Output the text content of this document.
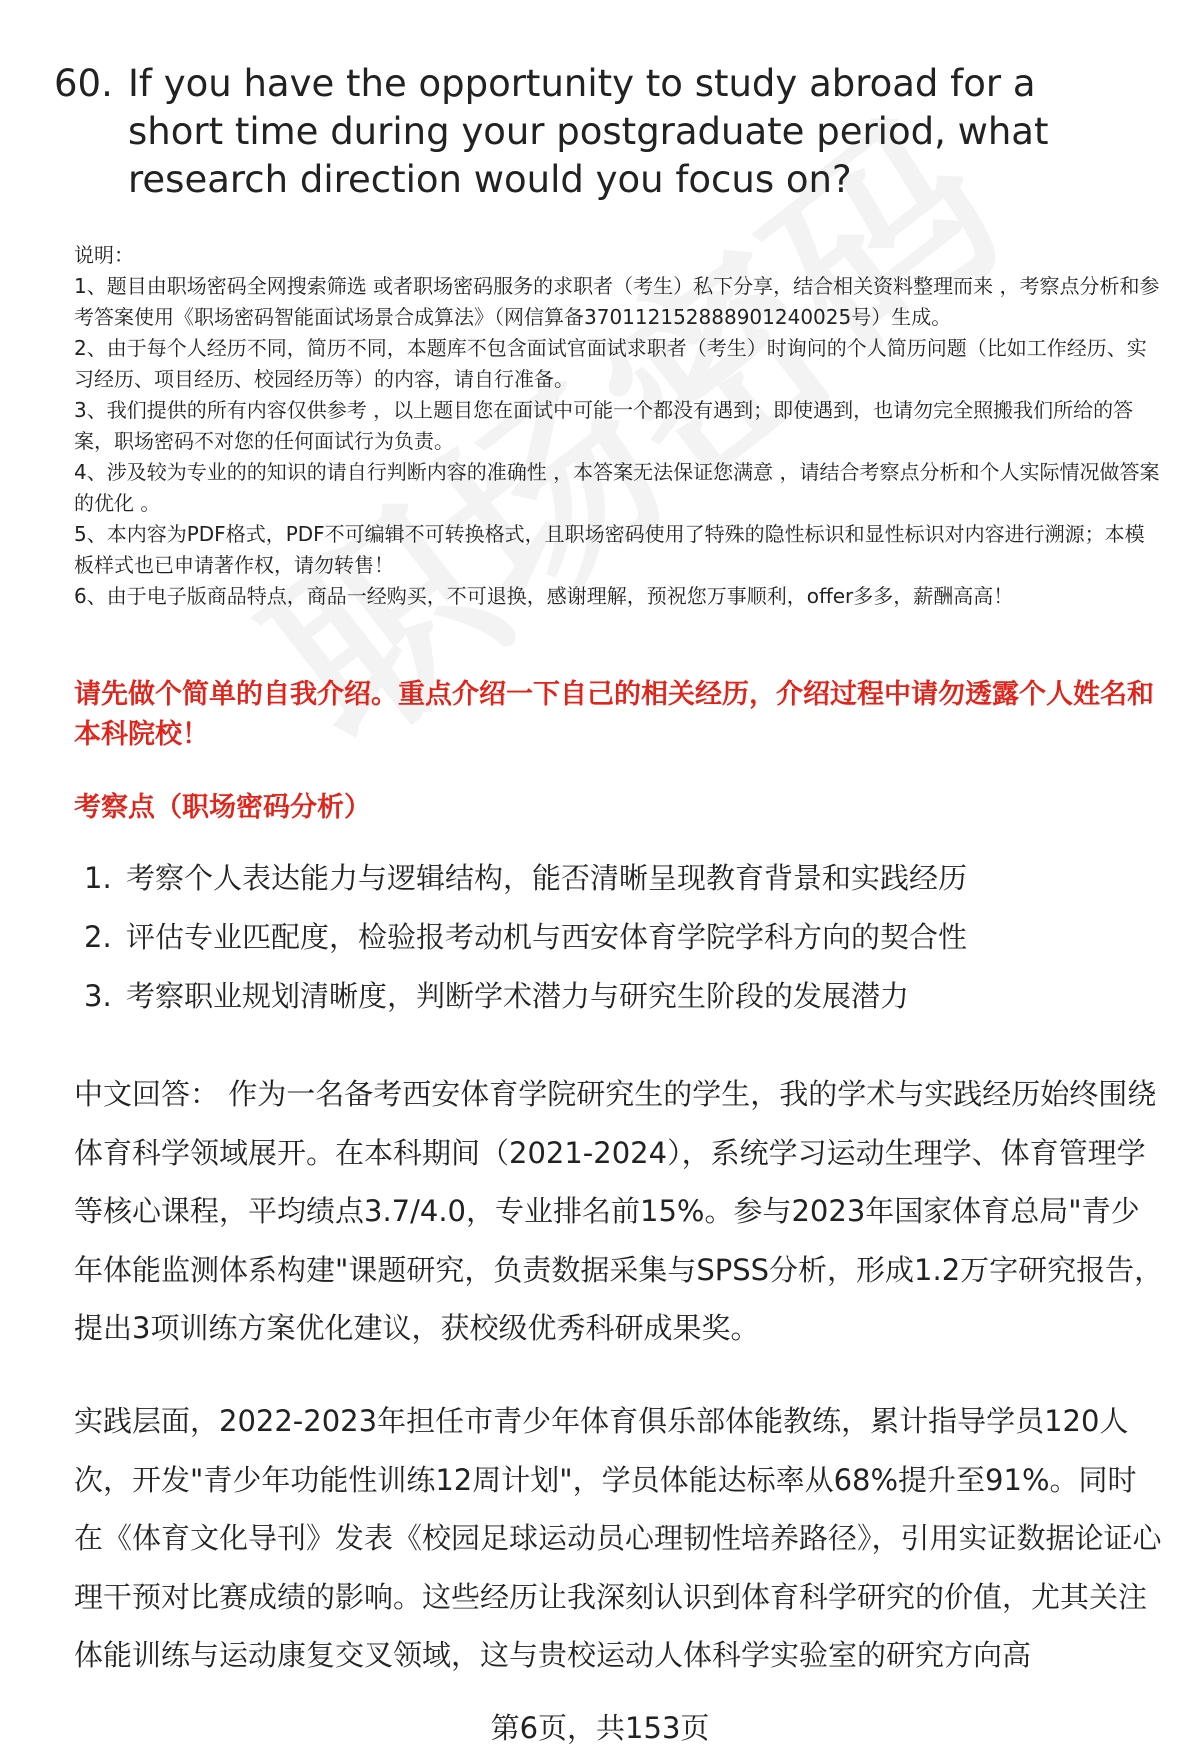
60. If you have the opportunity to study abroad for a short time during your postgraduate period, what research direction would you focus on?

说明：

1、题目由职场密码全网搜索筛选 或者职场密码服务的求职者（考生）私下分享，结合相关资料整理而来 ，考察点分析和参考答案使用《职场密码智能面试场景合成算法》（网信算备370112152888901240025号）生成。

2、由于每个人经历不同，简历不同，本题库不包含面试官面试求职者（考生）时询问的个人简历问题（比如工作经历、实习经历、项目经历、校园经历等）的内容，请自行准备。

3、我们提供的所有内容仅供参考 ，以上题目您在面试中可能一个都没有遇到；即使遇到，也请勿完全照搬我们所给的答案，职场密码不对您的任何面试行为负责。

4、涉及较为专业的的知识的请自行判断内容的准确性 ，本答案无法保证您满意 ，请结合考察点分析和个人实际情况做答案的优化 。

5、本内容为PDF格式，PDF不可编辑不可转换格式，且职场密码使用了特殊的隐性标识和显性标识对内容进行溯源；本模板样式也已申请著作权，请勿转售！

6、由于电子版商品特点，商品一经购买，不可退换，感谢理解，预祝您万事顺利，offer多多，薪酬高高！

请先做个简单的自我介绍。重点介绍一下自己的相关经历，介绍过程中请勿透露个人姓名和本科院校！
考察点（职场密码分析）
1. 考察个人表达能力与逻辑结构，能否清晰呈现教育背景和实践经历
2. 评估专业匹配度，检验报考动机与西安体育学院学科方向的契合性
3. 考察职业规划清晰度，判断学术潜力与研究生阶段的发展潜力

中文回答： 作为一名备考西安体育学院研究生的学生，我的学术与实践经历始终围绕体育科学领域展开。在本科期间（2021-2024），系统学习运动生理学、体育管理学等核心课程，平均绩点3.7/4.0，专业排名前15%。参与2023年国家体育总局"青少年体能监测体系构建"课题研究，负责数据采集与SPSS分析，形成1.2万字研究报告，提出3项训练方案优化建议，获校级优秀科研成果奖。

实践层面，2022-2023年担任市青少年体育俱乐部体能教练，累计指导学员120人次，开发"青少年功能性训练12周计划"，学员体能达标率从68%提升至91%。同时在《体育文化导刊》发表《校园足球运动员心理韧性培养路径》，引用实证数据论证心理干预对比赛成绩的影响。这些经历让我深刻认识到体育科学研究的价值，尤其关注体能训练与运动康复交叉领域，这与贵校运动人体科学实验室的研究方向高

第6页，共153页
